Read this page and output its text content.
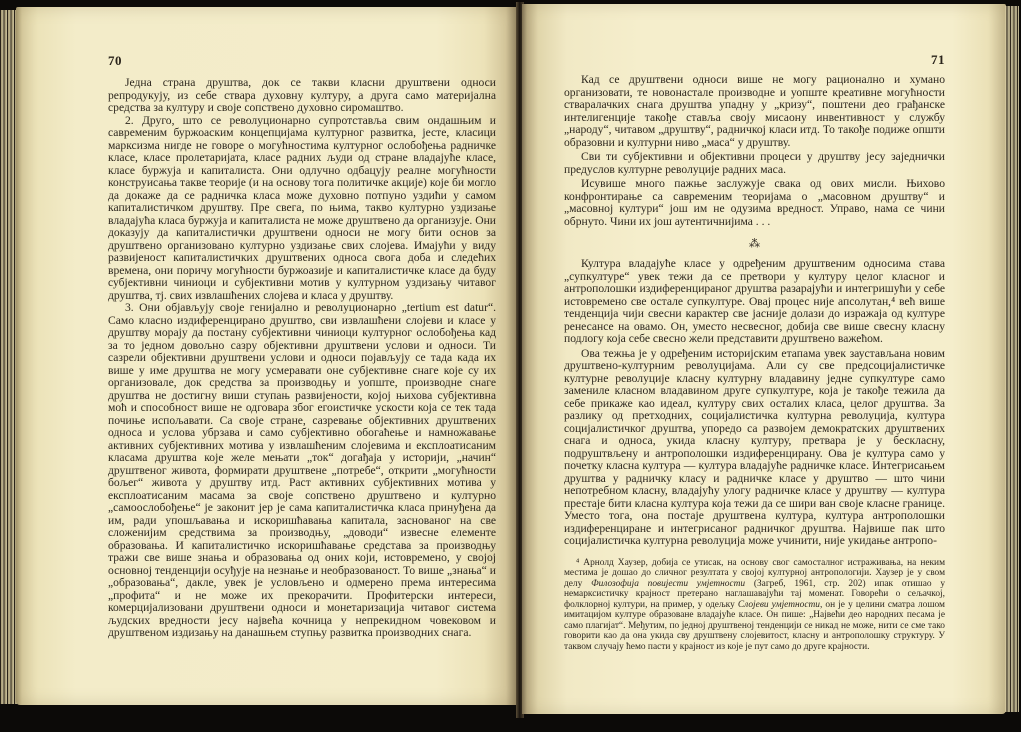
70

Једна страна друштва, док се такви класни друштвени односи репродукују, из себе ствара духовну културу, а друга само материјална средства за културу и своје сопствено духовно сиромаштво.

2. Друго, што се револуционарно супротставља свим ондашњим и савременим буржоаским концепцијама културног развитка, јесте, класици марксизма нигде не говоре о могућностима културног ослобођења радничке класе, класе пролетаријата, класе радних људи од стране владајуће класе, класе буржуја и капиталиста. Они одлучно одбацују реалне могућности конструисања такве теорије (и на основу тога политичке акције) које би могло да докаже да се радничка класа може духовно потпуно уздићи у самом капиталистичком друштву. Пре свега, по њима, такво културно уздизање владајућа класа буржуја и капиталиста не може друштвено да организује. Они доказују да капиталистички друштвени односи не могу бити основ за друштвено организовано културно уздизање свих слојева. Имајући у виду развијеност капиталистичких друштвених односа свога доба и следећих времена, они поричу могућности буржоазије и капиталистичке класе да буду субјективни чиниоци и субјективни мотив у културном уздизању читавог друштва, тј. свих извлашћених слојева и класа у друштву.

3. Они објављују своје генијално и револуционарно „tertium est datur“. Само класно издиференцирано друштво, сви извлашћени слојеви и класе у друштву морају да постану субјективни чиниоци културног ослобођења кад за то једном довољно сазру објективни друштвени услови и односи. Ти сазрели објективни друштвени услови и односи појављују се тада када их више у име друштва не могу усмеравати оне субјективне снаге које су их организовале, док средства за производњу и уопште, производне снаге друштва не достигну виши ступањ развијености, којој њихова субјективна моћ и способност више не одговара због егоистичке ускости која се тек тада почиње испољавати. Са своје стране, сазревање објективних друштвених односа и услова убрзава и само субјективно обогаћење и намножавање активних субјективних мотива у извлашћеним слојевима и експлоатисаним класама друштва које желе мењати „ток“ догађаја у историји, „начин“ друштвеног живота, формирати друштвене „потребе“, открити „могућности бољег“ живота у друштву итд. Раст активних субјективних мотива у експлоатисаним масама за своје сопствено друштвено и културно „самоослобођење“ је законит јер је сама капиталистичка класа принуђена да им, ради упошљавања и искоришћавања капитала, заснованог на све сложенијим средствима за производњу, „доводи“ извесне елементе образовања. И капиталистичко искоришћавање средстава за производњу тражи све више знања и образовања од оних који, истовремено, у својој основној тенденцији осуђује на незнање и необразованост. То више „знања“ и „образовања“, дакле, увек је условљено и одмерено према интересима „профита“ и не може их прекорачити. Профитерски интереси, комерцијализовани друштвени односи и монетаризација читавог система људских вредности јесу највећа кочница у непрекидном човековом и друштвеном издизању на данашњем ступњу развитка производних снага.

71

Кад се друштвени односи више не могу рационално и хумано организовати, те новонастале производне и уопште креативне могућности стваралачких снага друштва упадну у „кризу“, поштени део грађанске интелигенције такође ставља своју мисаону инвентивност у службу „народу“, читавом „друштву“, радничкој класи итд. То такође подиже општи образовни и културни ниво „маса“ у друштву.

Сви ти субјективни и објективни процеси у друштву јесу заједнички предуслов културне револуције радних маса.

Исувише много пажње заслужује свака од ових мисли. Њихово конфронтирање са савременим теоријама о „масовном друштву“ и „масовној култури“ још им не одузима вредност. Управо, нама се чини обрнуто. Чини их још аутентичнијима . . .

⁂

Култура владајуће класе у одређеним друштвеним односима става „супкултуре“ увек тежи да се претвори у културу целог класног и антрополошки издиференцираног друштва разарајући и интегришући у себе истовремено све остале супкултуре. Овај процес није апсолутан,⁴ већ више тенденција чији свесни карактер све јасније долази до изражаја од културе ренесансе на овамо. Он, уместо несвесног, добија све више свесну класну подлогу која себе свесно жели представити друштвено важећом.

Ова тежња је у одређеним историјским етапама увек заустављана новим друштвено-културним револуцијама. Али су све предсоцијалистичке културне револуције класну културну владавину једне супкултуре само замениле класном владавином друге супкултуре, која је такође тежила да себе прикаже као идеал, културу свих осталих класа, целог друштва. За разлику од претходних, социјалистичка културна револуција, култура социјалистичког друштва, упоредо са развојем демократских друштвених снага и односа, укида класну културу, претвара је у бескласну, подруштвљену и антрополошки издиференцирану. Ова је култура само у почетку класна култура — култура владајуће радничке класе. Интегрисањем друштва у радничку класу и радничке класе у друштво — што чини непотребном класну, владајућу улогу радничке класе у друштву — култура престаје бити класна култура која тежи да се шири ван своје класне границе. Уместо тога, она постаје друштвена култура, култура антрополошки издиференциране и интегрисаног радничког друштва. Највише пак што социјалистичка културна револуција може учинити, није укидање антропо-

⁴ Арнолд Хаузер, добија се утисак, на основу свог самосталног истраживања, на неким местима је дошао до сличног резултата у својој културној антропологији. Хаузер је у свом делу Филозофија повијести умјетности (Загреб, 1961, стр. 202) ипак отишао у немарксистичку крајност претерано наглашавајући тај моменат. Говорећи о сељачкој, фолклорној култури, на пример, у одељку Слојеви умјетности, он је у целини сматра лошом имитацијом културе образоване владајуће класе. Он пише: „Највећи део народних песама је само плагијат“. Међутим, по једној друштвеној тенденцији се никад не може, нити се сме тако говорити као да она укида сву друштвену слојевитост, класну и антрополошку структуру. У таквом случају ћемо пасти у крајност из које је пут само до друге крајности.
